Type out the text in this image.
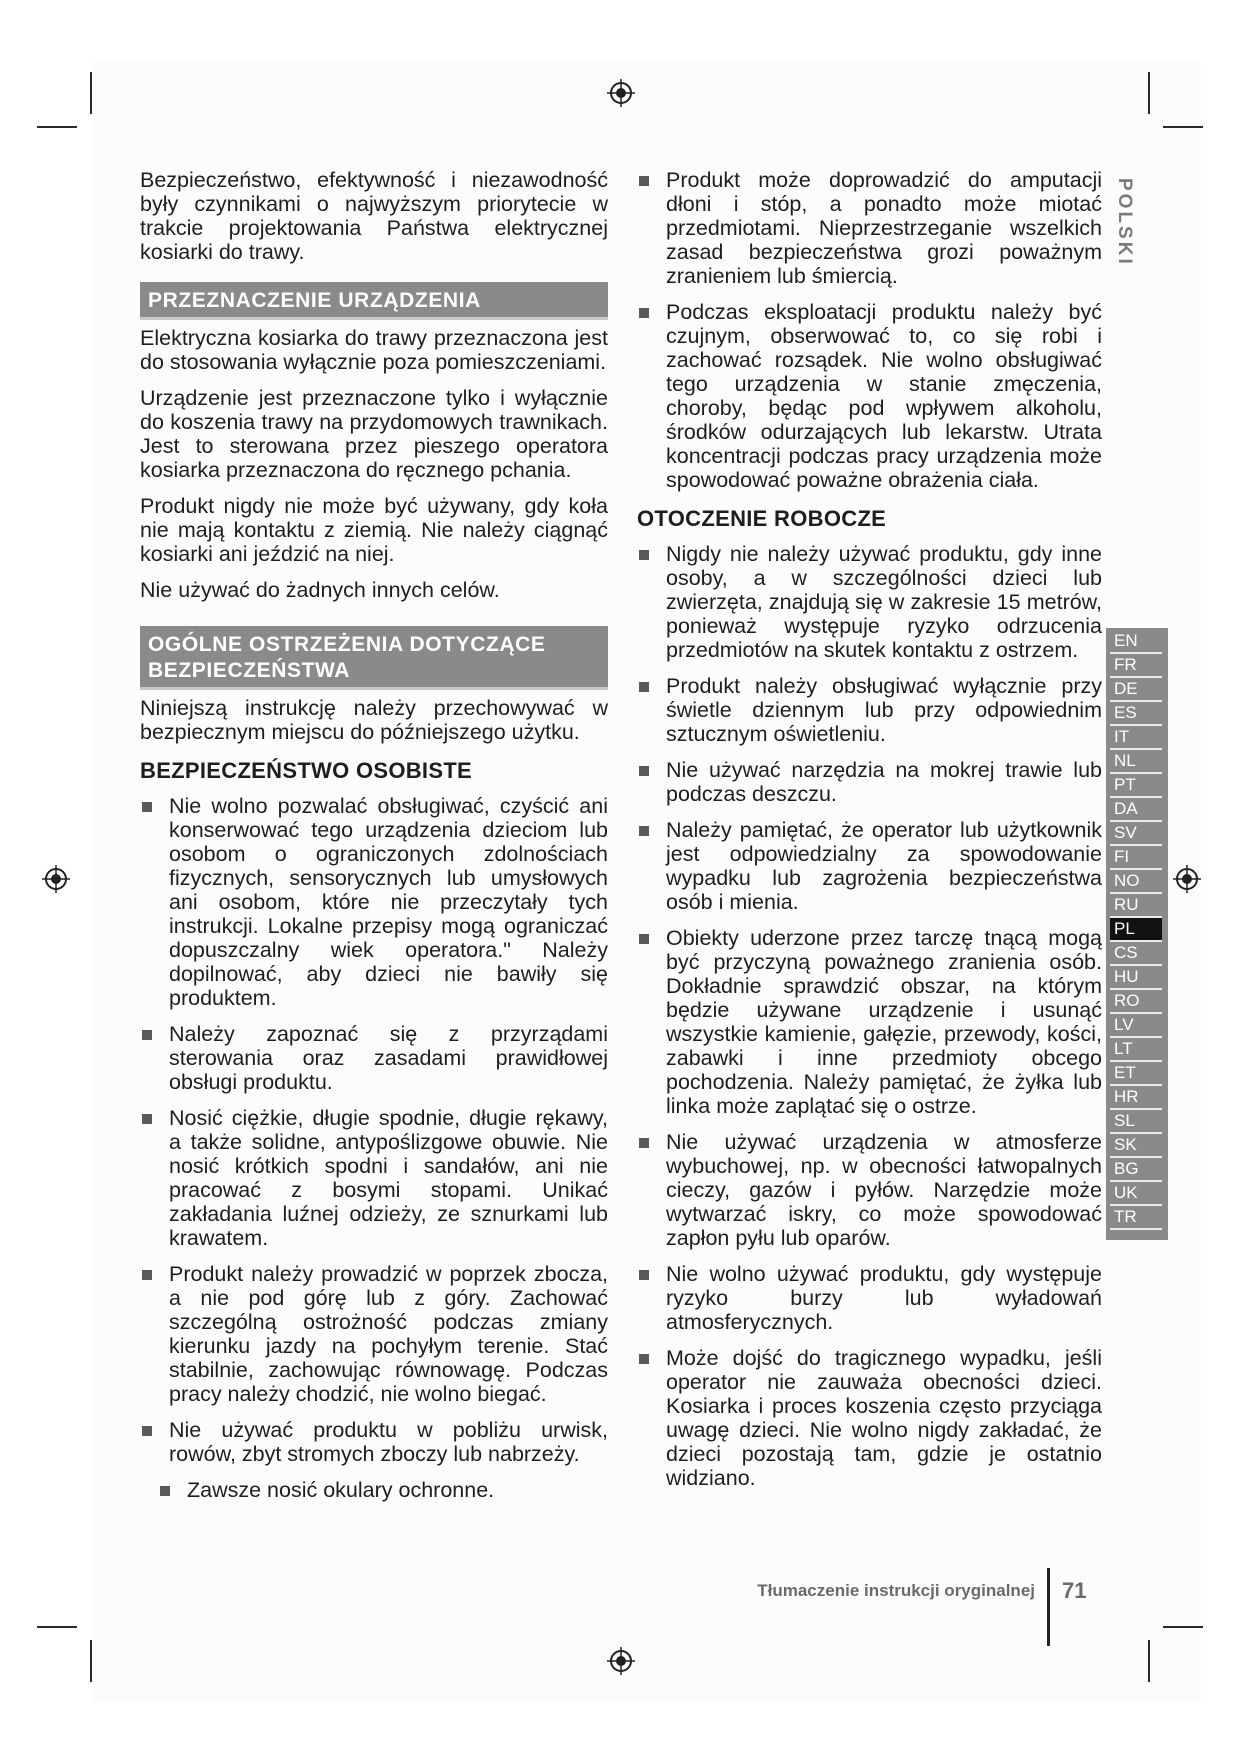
POLSKI

Bezpieczeństwo, efektywność i niezawodność były czynnikami o najwyższym priorytecie w trakcie projektowania Państwa elektrycznej kosiarki do trawy.

PRZEZNACZENIE URZĄDZENIA

Elektryczna kosiarka do trawy przeznaczona jest do stosowania wyłącznie poza pomieszczeniami.

Urządzenie jest przeznaczone tylko i wyłącznie do koszenia trawy na przydomowych trawnikach. Jest to sterowana przez pieszego operatora kosiarka przeznaczona do ręcznego pchania.

Produkt nigdy nie może być używany, gdy koła nie mają kontaktu z ziemią. Nie należy ciągnąć kosiarki ani jeździć na niej.

Nie używać do żadnych innych celów.

OGÓLNE OSTRZEŻENIA DOTYCZĄCE
BEZPIECZEŃSTWA

Niniejszą instrukcję należy przechowywać w bezpiecznym miejscu do późniejszego użytku.

BEZPIECZEŃSTWO OSOBISTE
Nie wolno pozwalać obsługiwać, czyścić ani konserwować tego urządzenia dzieciom lub osobom o ograniczonych zdolnościach fizycznych, sensorycznych lub umysłowych ani osobom, które nie przeczytały tych instrukcji. Lokalne przepisy mogą ograniczać dopuszczalny wiek operatora." Należy dopilnować, aby dzieci nie bawiły się produktem.
Należy zapoznać się z przyrządami sterowania oraz zasadami prawidłowej obsługi produktu.
Nosić ciężkie, długie spodnie, długie rękawy, a także solidne, antypoślizgowe obuwie. Nie nosić krótkich spodni i sandałów, ani nie pracować z bosymi stopami. Unikać zakładania luźnej odzieży, ze sznurkami lub krawatem.
Produkt należy prowadzić w poprzek zbocza, a nie pod górę lub z góry. Zachować szczególną ostrożność podczas zmiany kierunku jazdy na pochyłym terenie. Stać stabilnie, zachowując równowagę. Podczas pracy należy chodzić, nie wolno biegać.
Nie używać produktu w pobliżu urwisk, rowów, zbyt stromych zboczy lub nabrzeży.
Zawsze nosić okulary ochronne.
Produkt może doprowadzić do amputacji dłoni i stóp, a ponadto może miotać przedmiotami. Nieprzestrzeganie wszelkich zasad bezpieczeństwa grozi poważnym zranieniem lub śmiercią.
Podczas eksploatacji produktu należy być czujnym, obserwować to, co się robi i zachować rozsądek. Nie wolno obsługiwać tego urządzenia w stanie zmęczenia, choroby, będąc pod wpływem alkoholu, środków odurzających lub lekarstw. Utrata koncentracji podczas pracy urządzenia może spowodować poważne obrażenia ciała.
OTOCZENIE ROBOCZE
Nigdy nie należy używać produktu, gdy inne osoby, a w szczególności dzieci lub zwierzęta, znajdują się w zakresie 15 metrów, ponieważ występuje ryzyko odrzucenia przedmiotów na skutek kontaktu z ostrzem.
Produkt należy obsługiwać wyłącznie przy świetle dziennym lub przy odpowiednim sztucznym oświetleniu.
Nie używać narzędzia na mokrej trawie lub podczas deszczu.
Należy pamiętać, że operator lub użytkownik jest odpowiedzialny za spowodowanie wypadku lub zagrożenia bezpieczeństwa osób i mienia.
Obiekty uderzone przez tarczę tnącą mogą być przyczyną poważnego zranienia osób. Dokładnie sprawdzić obszar, na którym będzie używane urządzenie i usunąć wszystkie kamienie, gałęzie, przewody, kości, zabawki i inne przedmioty obcego pochodzenia. Należy pamiętać, że żyłka lub linka może zaplątać się o ostrze.
Nie używać urządzenia w atmosferze wybuchowej, np. w obecności łatwopalnych cieczy, gazów i pyłów. Narzędzie może wytwarzać iskry, co może spowodować zapłon pyłu lub oparów.
Nie wolno używać produktu, gdy występuje ryzyko burzy lub wyładowań atmosferycznych.
Może dojść do tragicznego wypadku, jeśli operator nie zauważa obecności dzieci. Kosiarka i proces koszenia często przyciąga uwagę dzieci. Nie wolno nigdy zakładać, że dzieci pozostają tam, gdzie je ostatnio widziano.
EN
FR
DE
ES
IT
NL
PT
DA
SV
FI
NO
RU
PL
CS
HU
RO
LV
LT
ET
HR
SL
SK
BG
UK
TR
Tłumaczenie instrukcji oryginalnej 71
